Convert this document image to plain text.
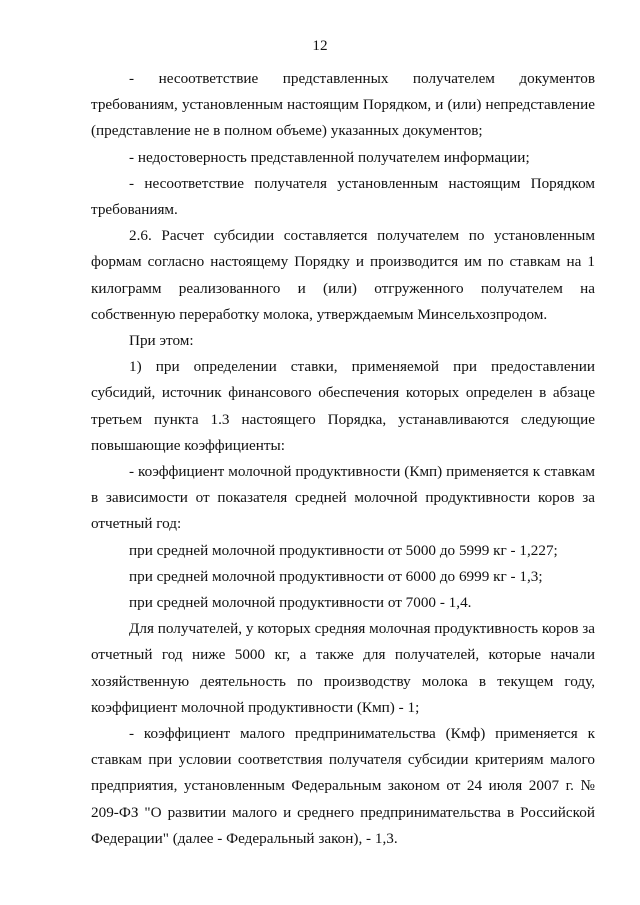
12

- несоответствие представленных получателем документов требованиям, установленным настоящим Порядком, и (или) непредставление (представление не в полном объеме) указанных документов;

- недостоверность представленной получателем информации;

- несоответствие получателя установленным настоящим Порядком требованиям.

2.6. Расчет субсидии составляется получателем по установленным формам согласно настоящему Порядку и производится им по ставкам на 1 килограмм реализованного и (или) отгруженного получателем на собственную переработку молока, утверждаемым Минсельхозпродом.

При этом:

1) при определении ставки, применяемой при предоставлении субсидий, источник финансового обеспечения которых определен в абзаце третьем пункта 1.3 настоящего Порядка, устанавливаются следующие повышающие коэффициенты:

- коэффициент молочной продуктивности (Кмп) применяется к ставкам в зависимости от показателя средней молочной продуктивности коров за отчетный год:

при средней молочной продуктивности от 5000 до 5999 кг - 1,227;

при средней молочной продуктивности от 6000 до 6999 кг - 1,3;

при средней молочной продуктивности от 7000 - 1,4.

Для получателей, у которых средняя молочная продуктивность коров за отчетный год ниже 5000 кг, а также для получателей, которые начали хозяйственную деятельность по производству молока в текущем году, коэффициент молочной продуктивности (Кмп) - 1;

- коэффициент малого предпринимательства (Кмф) применяется к ставкам при условии соответствия получателя субсидии критериям малого предприятия, установленным Федеральным законом от 24 июля 2007 г. № 209-ФЗ "О развитии малого и среднего предпринимательства в Российской Федерации" (далее - Федеральный закон), - 1,3.
